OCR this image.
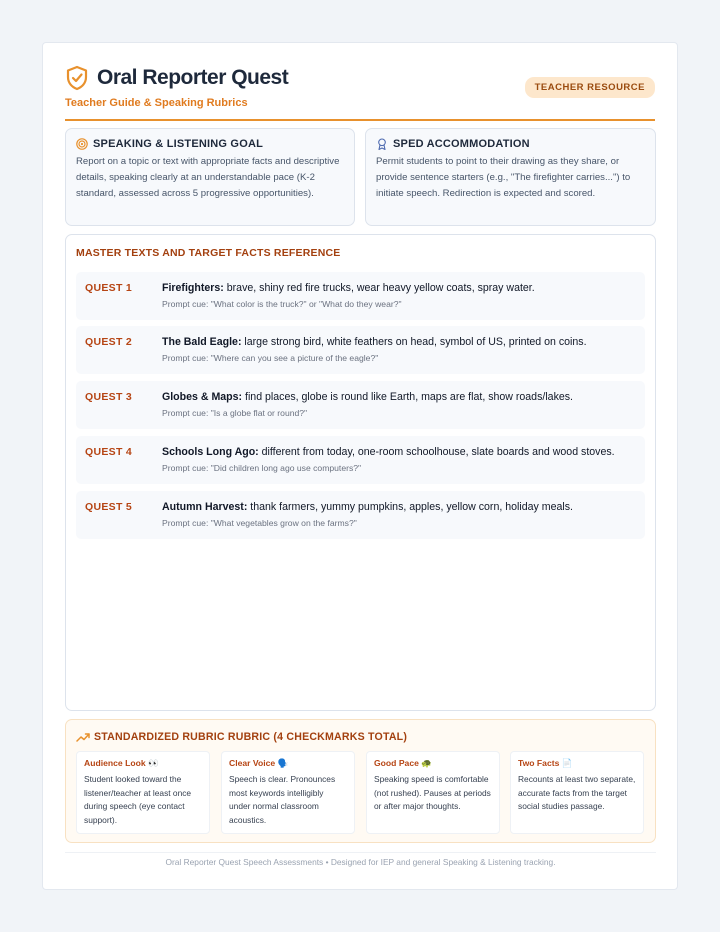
Oral Reporter Quest
Teacher Guide & Speaking Rubrics
TEACHER RESOURCE
SPEAKING & LISTENING GOAL
Report on a topic or text with appropriate facts and descriptive details, speaking clearly at an understandable pace (K-2 standard, assessed across 5 progressive opportunities).
SPED ACCOMMODATION
Permit students to point to their drawing as they share, or provide sentence starters (e.g., "The firefighter carries...") to initiate speech. Redirection is expected and scored.
MASTER TEXTS AND TARGET FACTS REFERENCE
QUEST 1	Firefighters: brave, shiny red fire trucks, wear heavy yellow coats, spray water.
Prompt cue: "What color is the truck?" or "What do they wear?"
QUEST 2	The Bald Eagle: large strong bird, white feathers on head, symbol of US, printed on coins.
Prompt cue: "Where can you see a picture of the eagle?"
QUEST 3	Globes & Maps: find places, globe is round like Earth, maps are flat, show roads/lakes.
Prompt cue: "Is a globe flat or round?"
QUEST 4	Schools Long Ago: different from today, one-room schoolhouse, slate boards and wood stoves.
Prompt cue: "Did children long ago use computers?"
QUEST 5	Autumn Harvest: thank farmers, yummy pumpkins, apples, yellow corn, holiday meals.
Prompt cue: "What vegetables grow on the farms?"
STANDARDIZED RUBRIC RUBRIC (4 CHECKMARKS TOTAL)
Audience Look 👀
Student looked toward the listener/teacher at least once during speech (eye contact support).
Clear Voice 🗣️
Speech is clear. Pronounces most keywords intelligibly under normal classroom acoustics.
Good Pace 🐢
Speaking speed is comfortable (not rushed). Pauses at periods or after major thoughts.
Two Facts 📄
Recounts at least two separate, accurate facts from the target social studies passage.
Oral Reporter Quest Speech Assessments • Designed for IEP and general Speaking & Listening tracking.
